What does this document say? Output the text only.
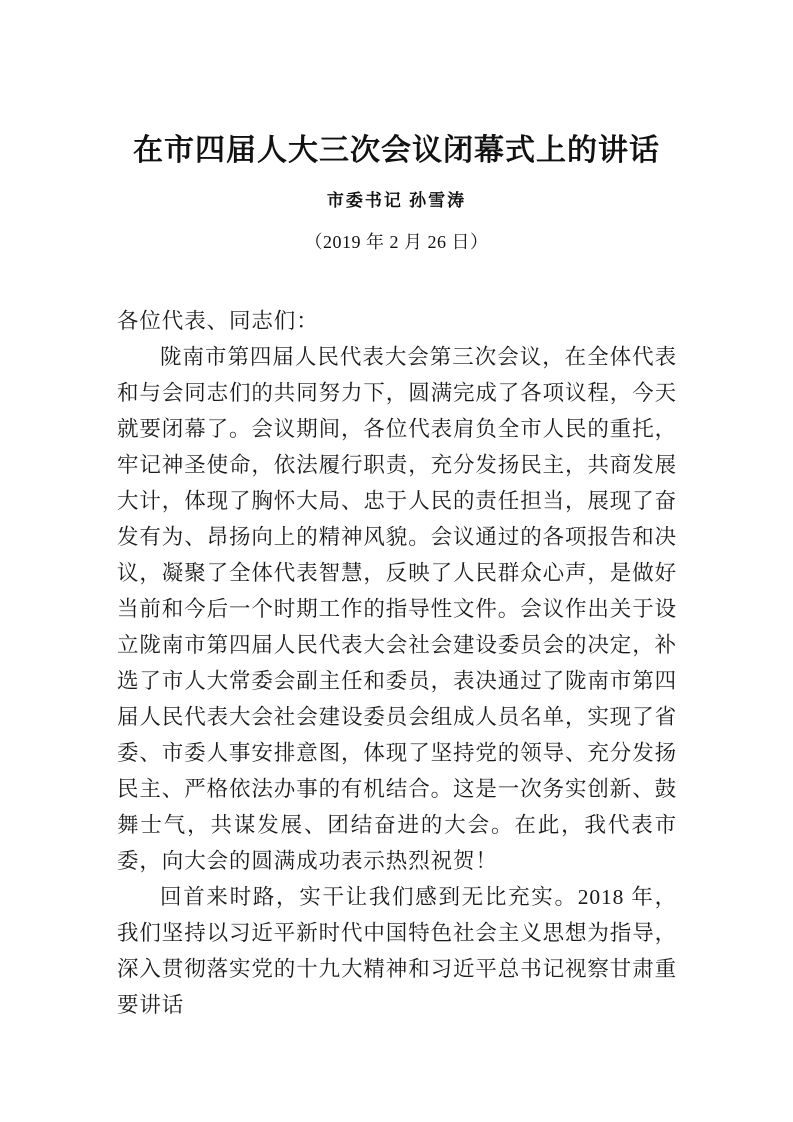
在市四届人大三次会议闭幕式上的讲话
市委书记 孙雪涛
（2019 年 2 月 26 日）

各位代表、同志们：

陇南市第四届人民代表大会第三次会议，在全体代表和与会同志们的共同努力下，圆满完成了各项议程，今天就要闭幕了。会议期间，各位代表肩负全市人民的重托，牢记神圣使命，依法履行职责，充分发扬民主，共商发展大计，体现了胸怀大局、忠于人民的责任担当，展现了奋发有为、昂扬向上的精神风貌。会议通过的各项报告和决议，凝聚了全体代表智慧，反映了人民群众心声，是做好当前和今后一个时期工作的指导性文件。会议作出关于设立陇南市第四届人民代表大会社会建设委员会的决定，补选了市人大常委会副主任和委员，表决通过了陇南市第四届人民代表大会社会建设委员会组成人员名单，实现了省委、市委人事安排意图，体现了坚持党的领导、充分发扬民主、严格依法办事的有机结合。这是一次务实创新、鼓舞士气，共谋发展、团结奋进的大会。在此，我代表市委，向大会的圆满成功表示热烈祝贺！

回首来时路，实干让我们感到无比充实。2018 年，我们坚持以习近平新时代中国特色社会主义思想为指导，深入贯彻落实党的十九大精神和习近平总书记视察甘肃重要讲话
